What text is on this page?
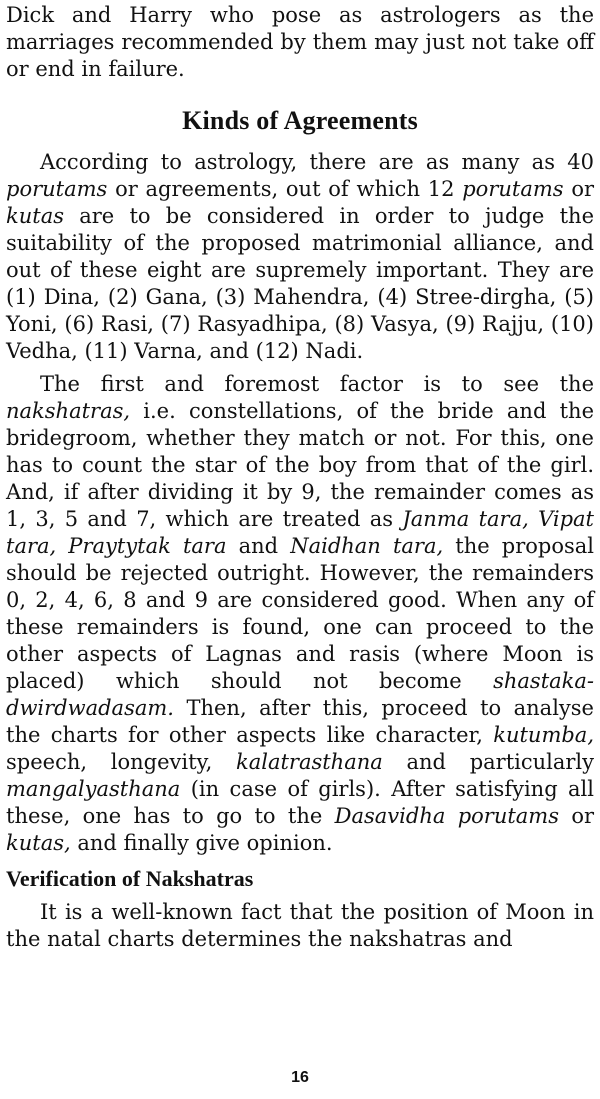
Dick and Harry who pose as astrologers as the marriages recommended by them may just not take off or end in failure.

Kinds of Agreements

According to astrology, there are as many as 40 porutams or agreements, out of which 12 porutams or kutas are to be considered in order to judge the suitability of the proposed matrimonial alliance, and out of these eight are supremely important. They are (1) Dina, (2) Gana, (3) Mahendra, (4) Stree-dirgha, (5) Yoni, (6) Rasi, (7) Rasyadhipa, (8) Vasya, (9) Rajju, (10) Vedha, (11) Varna, and (12) Nadi.

The first and foremost factor is to see the nakshatras, i.e. constellations, of the bride and the bridegroom, whether they match or not. For this, one has to count the star of the boy from that of the girl. And, if after dividing it by 9, the remainder comes as 1, 3, 5 and 7, which are treated as Janma tara, Vipat tara, Praytytak tara and Naidhan tara, the proposal should be rejected outright. However, the remainders 0, 2, 4, 6, 8 and 9 are considered good. When any of these remainders is found, one can proceed to the other aspects of Lagnas and rasis (where Moon is placed) which should not become shastaka-dwirdwadasam. Then, after this, proceed to analyse the charts for other aspects like character, kutumba, speech, longevity, kalatrasthana and particularly mangalyasthana (in case of girls). After satisfying all these, one has to go to the Dasavidha porutams or kutas, and finally give opinion.

Verification of Nakshatras

It is a well-known fact that the position of Moon in the natal charts determines the nakshatras and

16
